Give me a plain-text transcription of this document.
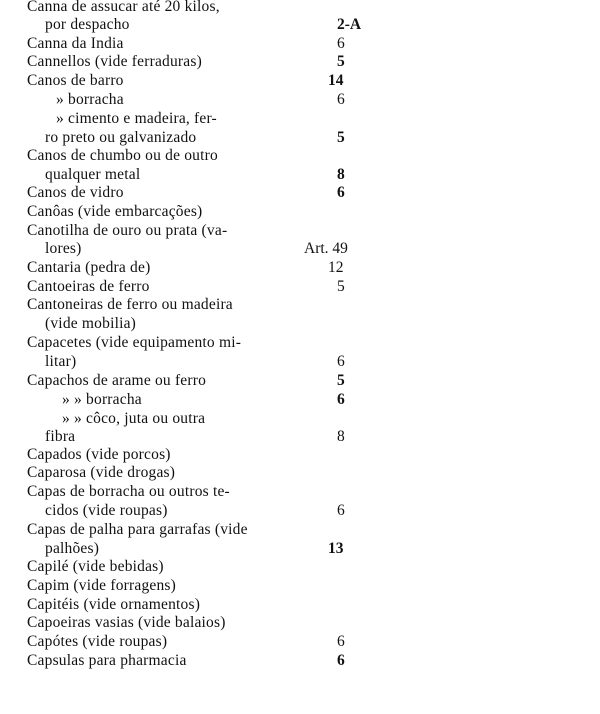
Canna de assucar até 20 kilos,
por despacho	2-A
Canna da India	6
Cannellos (vide ferraduras)	5
Canos de barro	14
» borracha	6
» cimento e madeira, fer-
ro preto ou galvanizado	5
Canos de chumbo ou de outro
qualquer metal	8
Canos de vidro	6
Canôas (vide embarcações)
Canotilha de ouro ou prata (va-
lores)	Art. 49
Cantaria (pedra de)	12
Cantoeiras de ferro	5
Cantoneiras de ferro ou madeira
(vide mobilia)
Capacetes (vide equipamento mi-
litar)	6
Capachos de arame ou ferro	5
» » borracha	6
» » côco, juta ou outra
fibra	8
Capados (vide porcos)
Caparosa (vide drogas)
Capas de borracha ou outros te-
cidos (vide roupas)	6
Capas de palha para garrafas (vide
palhões)	13
Capilé (vide bebidas)
Capim (vide forragens)
Capitéis (vide ornamentos)
Capoeiras vasias (vide balaios)
Capótes (vide roupas)	6
Capsulas para pharmacia	6
